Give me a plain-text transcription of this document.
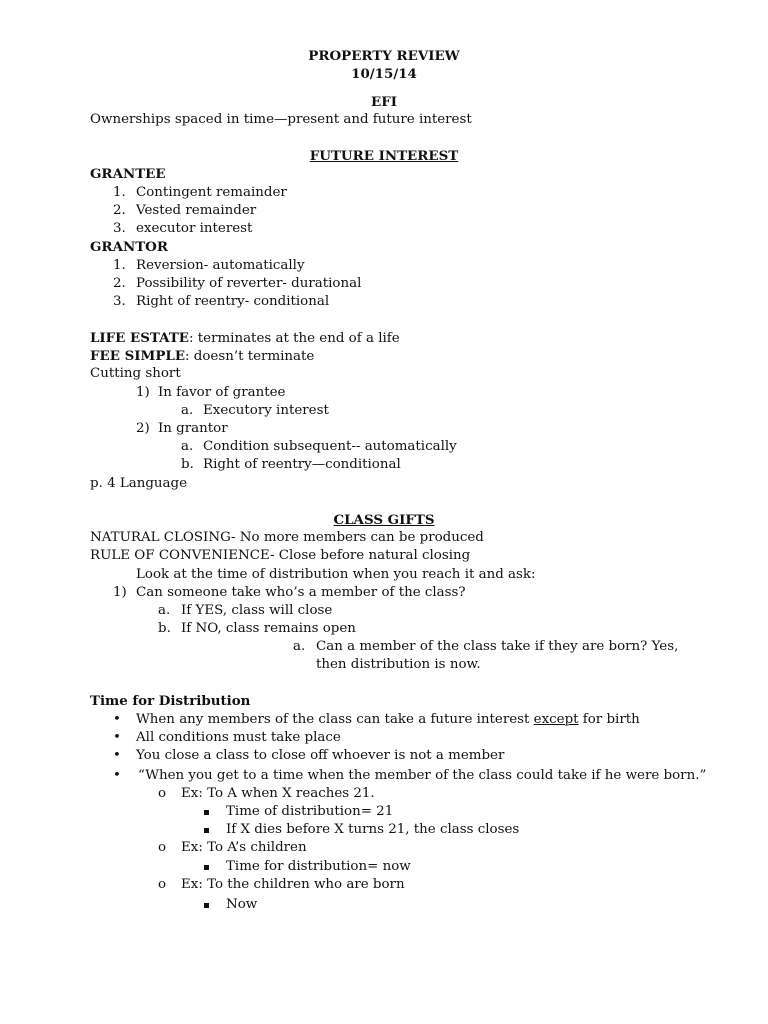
PROPERTY REVIEW
10/15/14
EFI
Ownerships spaced in time—present and future interest
FUTURE INTEREST
GRANTEE
1. Contingent remainder
2. Vested remainder
3. executor interest
GRANTOR
1. Reversion- automatically
2. Possibility of reverter- durational
3. Right of reentry- conditional
LIFE ESTATE: terminates at the end of a life
FEE SIMPLE: doesn’t terminate
Cutting short
1) In favor of grantee
a. Executory interest
2) In grantor
a. Condition subsequent-- automatically
b. Right of reentry—conditional
p. 4 Language
CLASS GIFTS
NATURAL CLOSING- No more members can be produced
RULE OF CONVENIENCE- Close before natural closing
Look at the time of distribution when you reach it and ask:
1) Can someone take who’s a member of the class?
a. If YES, class will close
b. If NO, class remains open
a. Can a member of the class take if they are born? Yes,
then distribution is now.
Time for Distribution
• When any members of the class can take a future interest except for birth
• All conditions must take place
• You close a class to close off whoever is not a member
• “When you get to a time when the member of the class could take if he were born.”
o Ex: To A when X reaches 21.
Time of distribution= 21
If X dies before X turns 21, the class closes
o Ex: To A’s children
Time for distribution= now
o Ex: To the children who are born
Now
